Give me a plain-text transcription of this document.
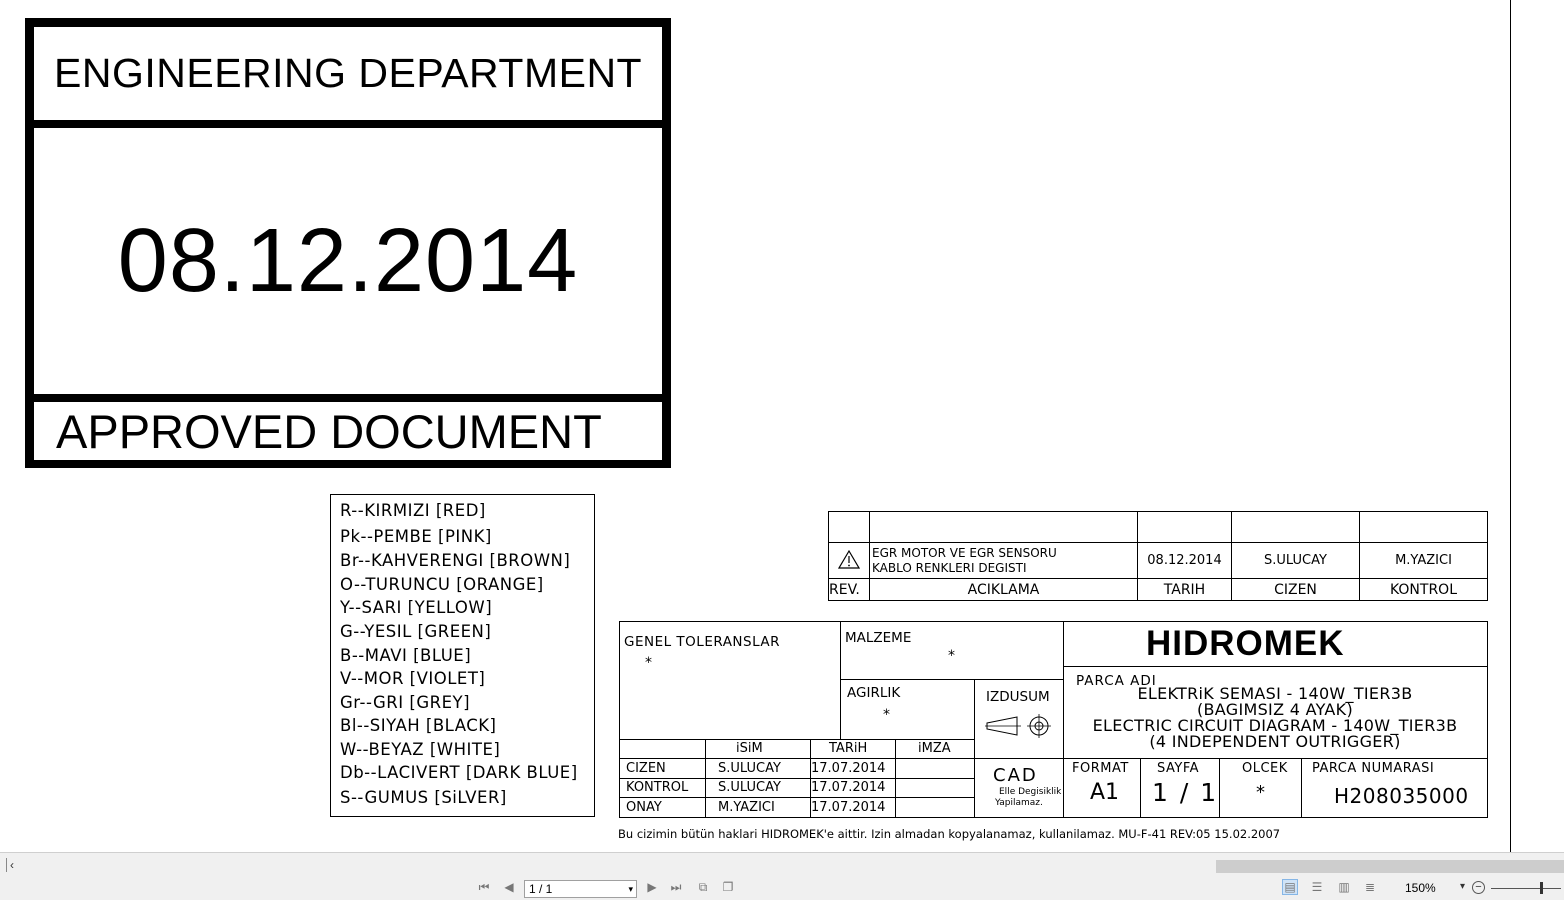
ENGINEERING DEPARTMENT
08.12.2014
APPROVED DOCUMENT
R--KIRMIZI [RED]
Pk--PEMBE [PINK]
Br--KAHVERENGI [BROWN]
O--TURUNCU [ORANGE]
Y--SARI [YELLOW]
G--YESIL [GREEN]
B--MAVI [BLUE]
V--MOR [VIOLET]
Gr--GRI [GREY]
Bl--SIYAH [BLACK]
W--BEYAZ [WHITE]
Db--LACIVERT [DARK BLUE]
S--GUMUS [SiLVER]

EGR MOTOR VE EGR SENSORU
KABLO RENKLERI DEGISTI	08.12.2014	S.ULUCAY	M.YAZICI
REV.	ACIKLAMA	TARIH	CIZEN	KONTROL
GENEL TOLERANSLAR
*
MALZEME
*
AGIRLIK
*
IZDUSUM
HIDROMEK
PARCA ADI
ELEKTRiK SEMASI - 140W_TIER3B
(BAGIMSIZ 4 AYAK)
ELECTRIC CIRCUIT DIAGRAM - 140W_TIER3B
(4 INDEPENDENT OUTRIGGER)
iSiM	TARiH	iMZA
CIZEN	S.ULUCAY 17.07.2014
KONTROL S.ULUCAY 17.07.2014
ONAY	M.YAZICI	17.07.2014
CAD
Elle Degisiklik
Yapilamaz.
FORMAT
A1
SAYFA
1 / 1
OLCEK
*
PARCA NUMARASI
H208035000
Bu cizimin bütün haklari HIDROMEK'e aittir. Izin almadan kopyalanamaz, kullanilamaz. MU-F-41 REV:05 15.02.2007
‹
⏮ ◀	1 / 1	▾ ▶ ⏭	⧉	❐	▤ ☰ ▥ ≣ 150% ▾ −
